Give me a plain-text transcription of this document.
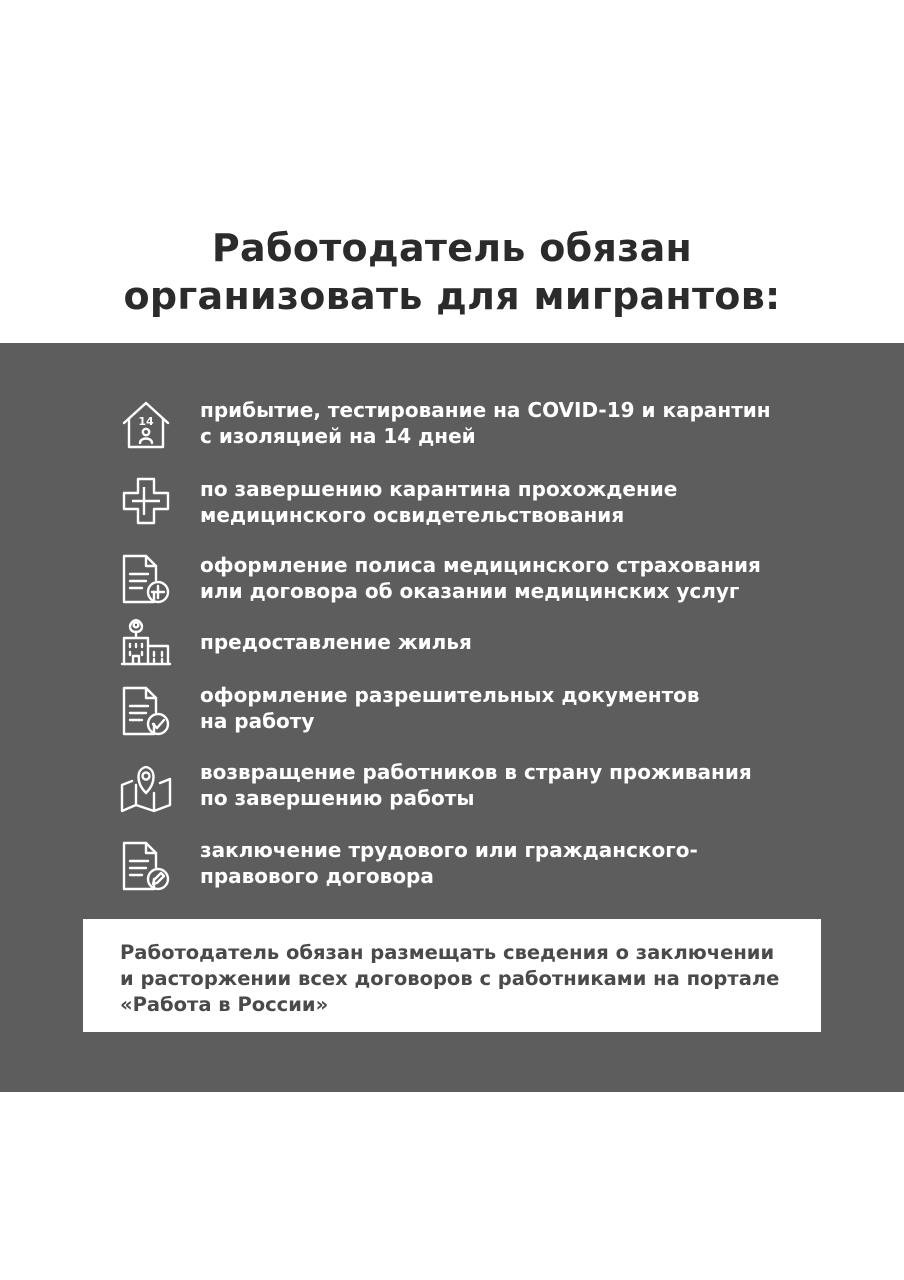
Работодатель обязан
организовать для мигрантов:
14 прибытие, тестирование на COVID-19 и карантин
с изоляцией на 14 дней
по завершению карантина прохождение
медицинского освидетельствования
оформление полиса медицинского страхования
или договора об оказании медицинских услуг
предоставление жилья
оформление разрешительных документов
на работу
возвращение работников в страну проживания
по завершению работы
заключение трудового или гражданского-
правового договора
Работодатель обязан размещать сведения о заключении
и расторжении всех договоров с работниками на портале
«Работа в России»
